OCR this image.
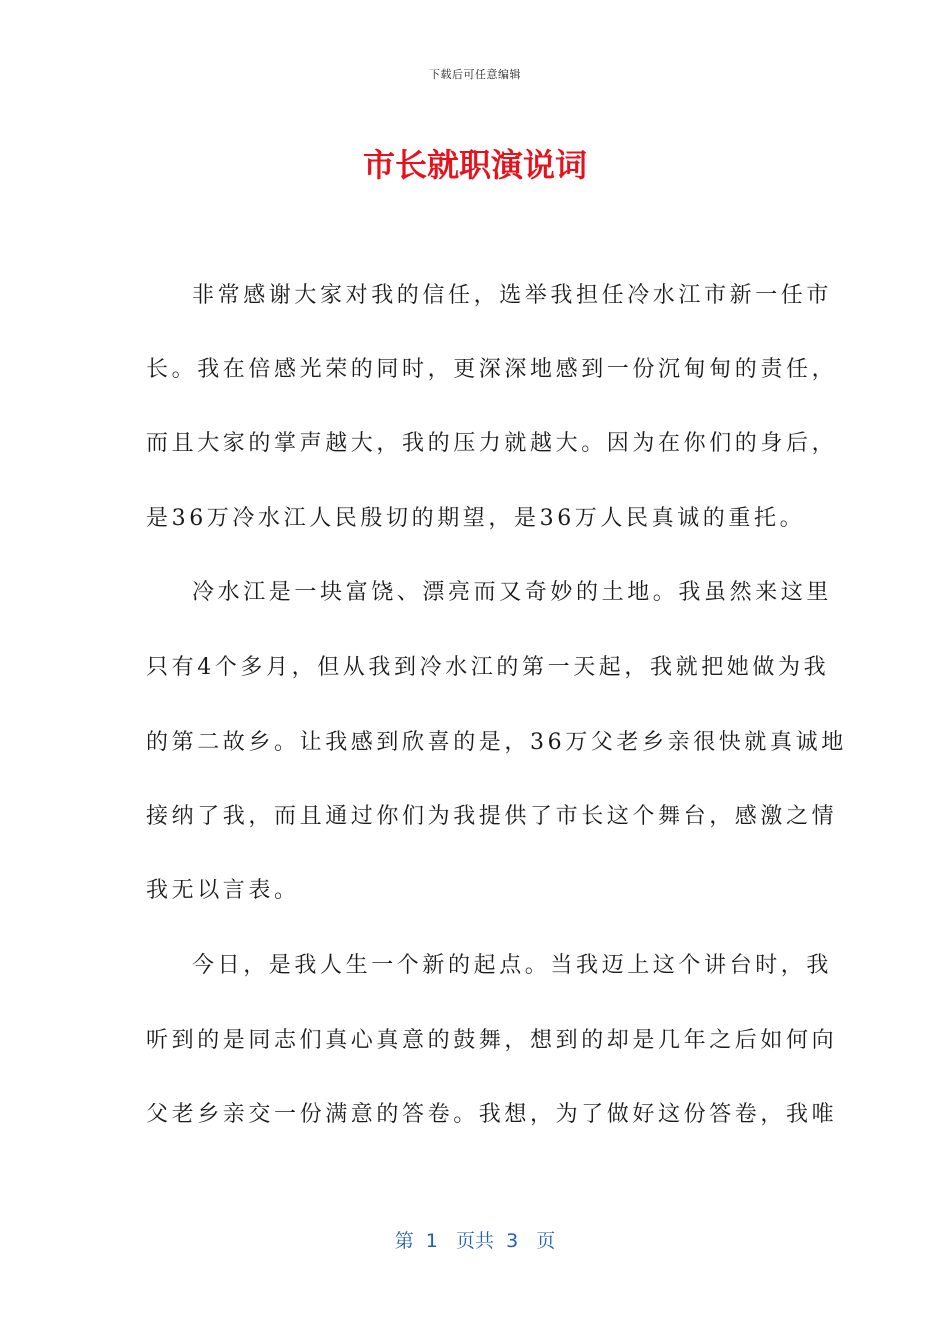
下载后可任意编辑
市长就职演说词
非常感谢大家对我的信任，选举我担任冷水江市新一任市
长。我在倍感光荣的同时，更深深地感到一份沉甸甸的责任，
而且大家的掌声越大，我的压力就越大。因为在你们的身后，
是36万冷水江人民殷切的期望，是36万人民真诚的重托。
冷水江是一块富饶、漂亮而又奇妙的土地。我虽然来这里
只有4个多月，但从我到冷水江的第一天起，我就把她做为我
的第二故乡。让我感到欣喜的是，36万父老乡亲很快就真诚地
接纳了我，而且通过你们为我提供了市长这个舞台，感激之情
我无以言表。
今日，是我人生一个新的起点。当我迈上这个讲台时，我
听到的是同志们真心真意的鼓舞，想到的却是几年之后如何向
父老乡亲交一份满意的答卷。我想，为了做好这份答卷，我唯
第  1   页共  3   页
